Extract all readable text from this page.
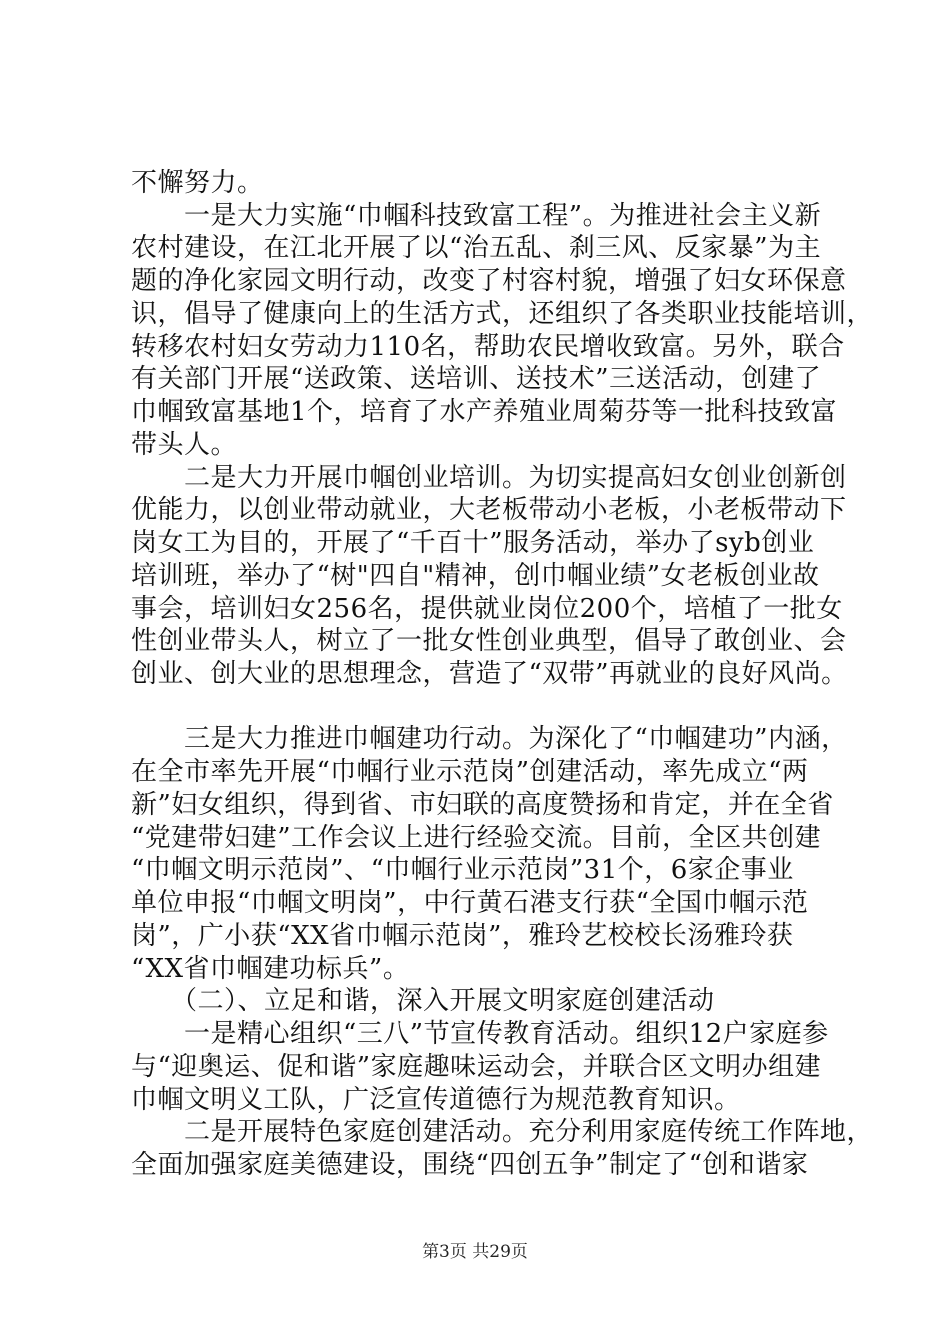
不懈努力。
　　一是大力实施“巾帼科技致富工程”。为推进社会主义新
农村建设，在江北开展了以“治五乱、刹三风、反家暴”为主
题的净化家园文明行动，改变了村容村貌，增强了妇女环保意
识，倡导了健康向上的生活方式，还组织了各类职业技能培训，
转移农村妇女劳动力110名，帮助农民增收致富。另外，联合
有关部门开展“送政策、送培训、送技术”三送活动，创建了
巾帼致富基地1个，培育了水产养殖业周菊芬等一批科技致富
带头人。
　　二是大力开展巾帼创业培训。为切实提高妇女创业创新创
优能力，以创业带动就业，大老板带动小老板，小老板带动下
岗女工为目的，开展了“千百十”服务活动，举办了syb创业
培训班，举办了“树"四自"精神，创巾帼业绩”女老板创业故
事会，培训妇女256名，提供就业岗位200个，培植了一批女
性创业带头人，树立了一批女性创业典型，倡导了敢创业、会
创业、创大业的思想理念，营造了“双带”再就业的良好风尚。
　　三是大力推进巾帼建功行动。为深化了“巾帼建功”内涵，
在全市率先开展“巾帼行业示范岗”创建活动，率先成立“两
新”妇女组织，得到省、市妇联的高度赞扬和肯定，并在全省
“党建带妇建”工作会议上进行经验交流。目前，全区共创建
“巾帼文明示范岗”、“巾帼行业示范岗”31个，6家企事业
单位申报“巾帼文明岗”，中行黄石港支行获“全国巾帼示范
岗”，广小获“XX省巾帼示范岗”，雅玲艺校校长汤雅玲获
“XX省巾帼建功标兵”。
　　（二）、立足和谐，深入开展文明家庭创建活动
　　一是精心组织“三八”节宣传教育活动。组织12户家庭参
与“迎奥运、促和谐”家庭趣味运动会，并联合区文明办组建
巾帼文明义工队，广泛宣传道德行为规范教育知识。
　　二是开展特色家庭创建活动。充分利用家庭传统工作阵地，
全面加强家庭美德建设，围绕“四创五争”制定了“创和谐家
第3页 共29页
